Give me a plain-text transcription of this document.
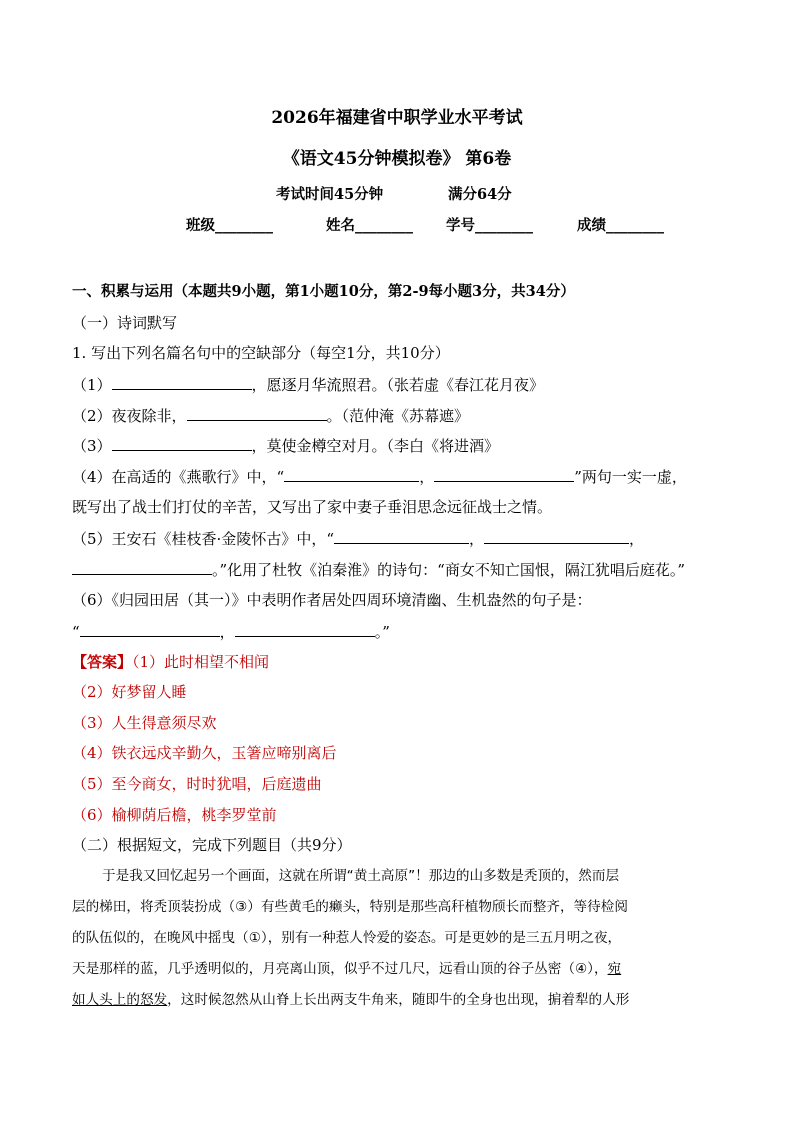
2026年福建省中职学业水平考试
《语文45分钟模拟卷》 第6卷
考试时间45分钟	满分64分
班级________	姓名________ 学号________	成绩________
一、积累与运用（本题共9小题，第1小题10分，第2-9每小题3分，共34分）
（一）诗词默写
1. 写出下列名篇名句中的空缺部分（每空1分，共10分）
（1）	，愿逐月华流照君。（张若虚《春江花月夜》
（2）夜夜除非，	。（范仲淹《苏幕遮》
（3）	，莫使金樽空对月。（李白《将进酒》
（4）在高适的《燕歌行》中，“	，	”两句一实一虚，
既写出了战士们打仗的辛苦，又写出了家中妻子垂泪思念远征战士之情。
（5）王安石《桂枝香·金陵怀古》中，“	，	，
。”化用了杜牧《泊秦淮》的诗句：“商女不知亡国恨，隔江犹唱后庭花。”
（6）《归园田居（其一）》中表明作者居处四周环境清幽、生机盎然的句子是：
“	，	。”
【答案】（1）此时相望不相闻
（2）好梦留人睡
（3）人生得意须尽欢
（4）铁衣远戍辛勤久，玉箸应啼别离后
（5）至今商女，时时犹唱，后庭遗曲
（6）榆柳荫后檐，桃李罗堂前
（二）根据短文，完成下列题目（共9分）
于是我又回忆起另一个画面，这就在所谓“黄土高原”！那边的山多数是秃顶的，然而层
层的梯田，将秃顶装扮成（③）有些黄毛的癞头，特别是那些高秆植物颀长而整齐，等待检阅
的队伍似的，在晚风中摇曳（①），别有一种惹人怜爱的姿态。可是更妙的是三五月明之夜，
天是那样的蓝，几乎透明似的，月亮离山顶，似乎不过几尺，远看山顶的谷子丛密（④），宛
如人头上的怒发，这时候忽然从山脊上长出两支牛角来，随即牛的全身也出现，掮着犁的人形
